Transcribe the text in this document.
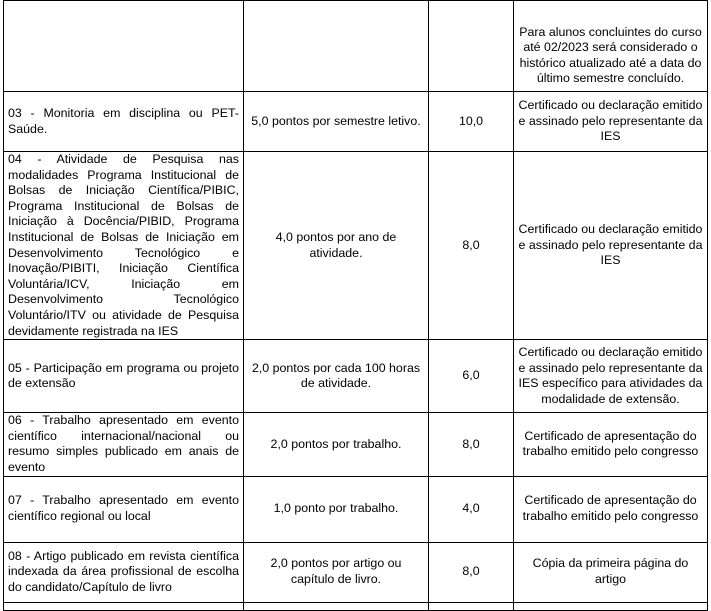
			Para alunos concluintes do curso até 02/2023 será considerado o histórico atualizado até a data do último semestre concluído.
03 - Monitoria em disciplina ou PET-Saúde.	5,0 pontos por semestre letivo.	10,0	Certificado ou declaração emitido e assinado pelo representante da IES
04 - Atividade de Pesquisa nas modalidades Programa Institucional de Bolsas de Iniciação Científica/PIBIC, Programa Institucional de Bolsas de Iniciação à Docência/PIBID, Programa Institucional de Bolsas de Iniciação em Desenvolvimento Tecnológico e Inovação/PIBITI, Iniciação Científica Voluntária/ICV, Iniciação em Desenvolvimento Tecnológico Voluntário/ITV ou atividade de Pesquisa devidamente registrada na IES	4,0 pontos por ano de atividade.	8,0	Certificado ou declaração emitido e assinado pelo representante da IES
05 - Participação em programa ou projeto de extensão	2,0 pontos por cada 100 horas de atividade.	6,0	Certificado ou declaração emitido e assinado pelo representante da IES específico para atividades da modalidade de extensão.
06 - Trabalho apresentado em evento científico internacional/nacional ou resumo simples publicado em anais de evento	2,0 pontos por trabalho.	8,0	Certificado de apresentação do trabalho emitido pelo congresso
07 - Trabalho apresentado em evento científico regional ou local	1,0 ponto por trabalho.	4,0	Certificado de apresentação do trabalho emitido pelo congresso
08 - Artigo publicado em revista científica indexada da área profissional de escolha do candidato/Capítulo de livro	2,0 pontos por artigo ou capítulo de livro.	8,0	Cópia da primeira página do artigo
